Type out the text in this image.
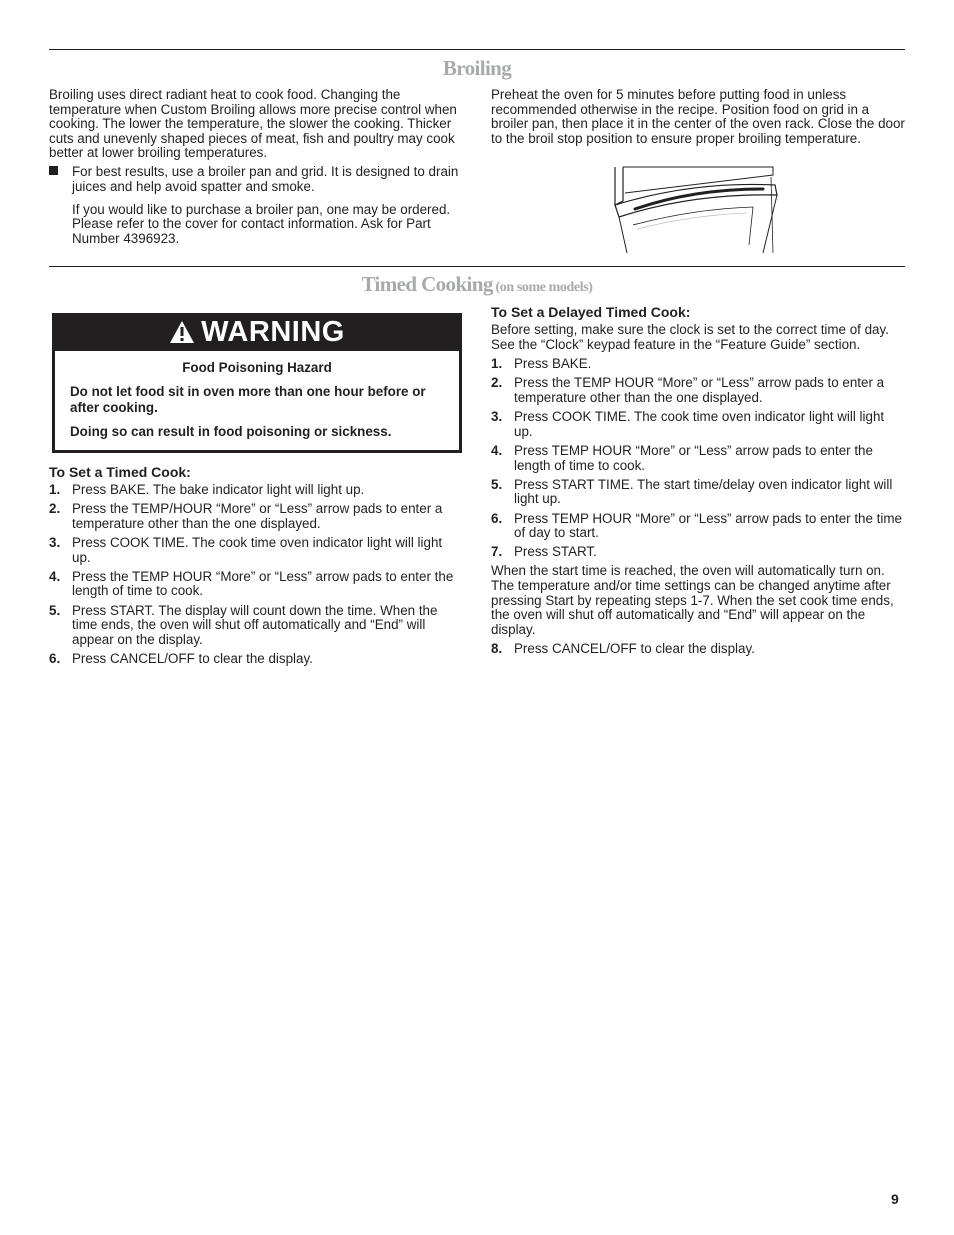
Broiling

Broiling uses direct radiant heat to cook food. Changing the temperature when Custom Broiling allows more precise control when cooking. The lower the temperature, the slower the cooking. Thicker cuts and unevenly shaped pieces of meat, fish and poultry may cook better at lower broiling temperatures.

For best results, use a broiler pan and grid. It is designed to drain juices and help avoid spatter and smoke.

If you would like to purchase a broiler pan, one may be ordered. Please refer to the cover for contact information. Ask for Part Number 4396923.

Preheat the oven for 5 minutes before putting food in unless recommended otherwise in the recipe. Position food on grid in a broiler pan, then place it in the center of the oven rack. Close the door to the broil stop position to ensure proper broiling temperature.

Timed Cooking (on some models)
WARNING

Food Poisoning Hazard

Do not let food sit in oven more than one hour before or after cooking.

Doing so can result in food poisoning or sickness.

To Set a Timed Cook:

1. Press BAKE. The bake indicator light will light up.
2. Press the TEMP/HOUR “More” or “Less” arrow pads to enter a temperature other than the one displayed.
3. Press COOK TIME. The cook time oven indicator light will light up.
4. Press the TEMP HOUR “More” or “Less” arrow pads to enter the length of time to cook.
5. Press START. The display will count down the time. When the time ends, the oven will shut off automatically and “End” will appear on the display.
6. Press CANCEL/OFF to clear the display.

To Set a Delayed Timed Cook:

Before setting, make sure the clock is set to the correct time of day. See the “Clock” keypad feature in the “Feature Guide” section.

1. Press BAKE.
2. Press the TEMP HOUR “More” or “Less” arrow pads to enter a temperature other than the one displayed.
3. Press COOK TIME. The cook time oven indicator light will light up.
4. Press TEMP HOUR “More” or “Less” arrow pads to enter the length of time to cook.
5. Press START TIME. The start time/delay oven indicator light will light up.
6. Press TEMP HOUR “More” or “Less” arrow pads to enter the time of day to start.
7. Press START.

When the start time is reached, the oven will automatically turn on. The temperature and/or time settings can be changed anytime after pressing Start by repeating steps 1-7. When the set cook time ends, the oven will shut off automatically and “End” will appear on the display.

8. Press CANCEL/OFF to clear the display.
9
